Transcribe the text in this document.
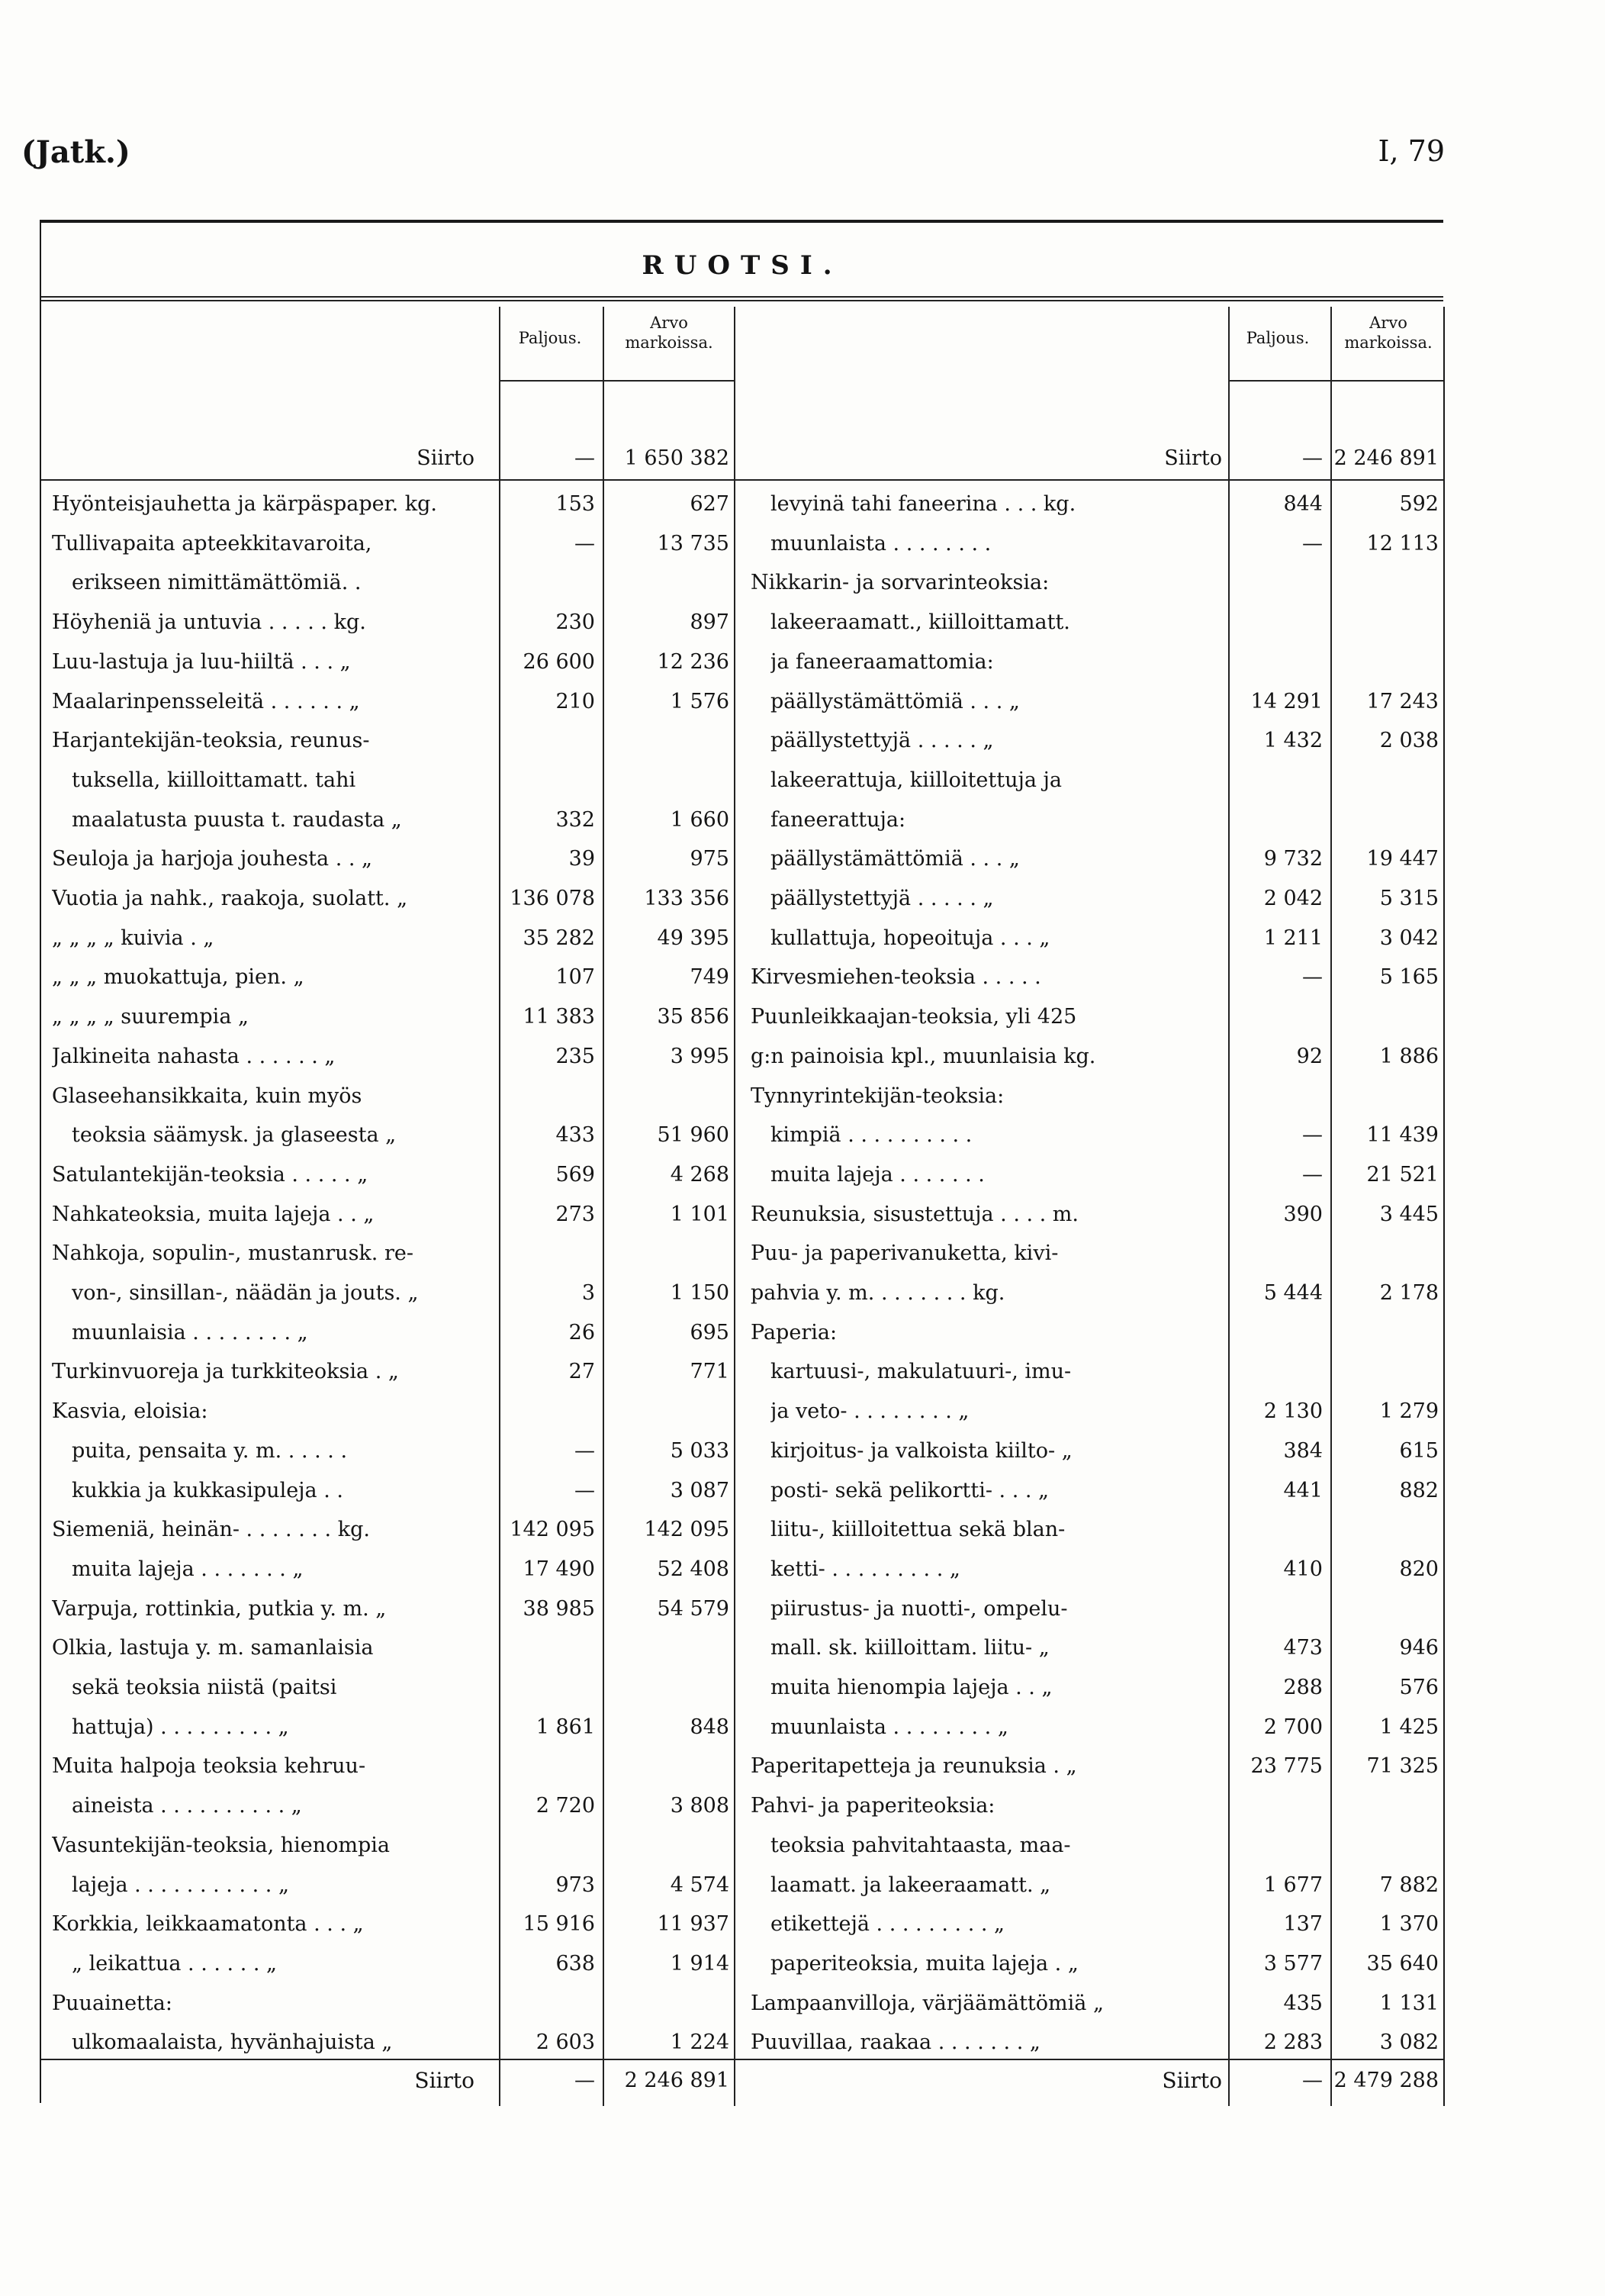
(Jatk.)	I, 79
RUOTSI.
Paljous.
Arvo markoissa.
Siirto	—	1 650 382
Hyönteisjauhetta ja kärpäspaper. kg.	153	627
Tullivapaita apteekkitavaroita,	—	13 735
erikseen nimittämättömiä. .
Höyheniä ja untuvia . . . . . kg.	230	897
Luu-lastuja ja luu-hiiltä . . . „	26 600	12 236
Maalarinpensseleitä . . . . . . „	210	1 576
Harjantekijän-teoksia, reunus-
tuksella, kiilloittamatt. tahi
maalatusta puusta t. raudasta „	332	1 660
Seuloja ja harjoja jouhesta . . „	39	975
Vuotia ja nahk., raakoja, suolatt. „	136 078	133 356
„ „ „ „ kuivia . „	35 282	49 395
„ „ „ muokattuja, pien. „	107	749
„ „ „ „ suurempia „	11 383	35 856
Jalkineita nahasta . . . . . . „	235	3 995
Glaseehansikkaita, kuin myös
teoksia säämysk. ja glaseesta „	433	51 960
Satulantekijän-teoksia . . . . . „	569	4 268
Nahkateoksia, muita lajeja . . „	273	1 101
Nahkoja, sopulin-, mustanrusk. re-
von-, sinsillan-, näädän ja jouts. „	3	1 150
muunlaisia . . . . . . . . „	26	695
Turkinvuoreja ja turkkiteoksia . „	27	771
Kasvia, eloisia:
puita, pensaita y. m. . . . . .	—	5 033
kukkia ja kukkasipuleja . .	—	3 087
Siemeniä, heinän- . . . . . . . kg.	142 095	142 095
muita lajeja . . . . . . . „	17 490	52 408
Varpuja, rottinkia, putkia y. m. „	38 985	54 579
Olkia, lastuja y. m. samanlaisia
sekä teoksia niistä (paitsi
hattuja) . . . . . . . . . „	1 861	848
Muita halpoja teoksia kehruu-
aineista . . . . . . . . . . „	2 720	3 808
Vasuntekijän-teoksia, hienompia
lajeja . . . . . . . . . . . „	973	4 574
Korkkia, leikkaamatonta . . . „	15 916	11 937
„ leikattua . . . . . . „	638	1 914
Puuainetta:
ulkomaalaista, hyvänhajuista „	2 603	1 224
Siirto	—	2 246 891
Paljous.
Arvo markoissa.
Siirto	— 2 246 891
levyinä tahi faneerina . . . kg.	844	592
muunlaista . . . . . . . .	—	12 113
Nikkarin- ja sorvarinteoksia:
lakeeraamatt., kiilloittamatt.
ja faneeraamattomia:
päällystämättömiä . . . „	14 291	17 243
päällystettyjä . . . . . „	1 432	2 038
lakeerattuja, kiilloitettuja ja
faneerattuja:
päällystämättömiä . . . „	9 732	19 447
päällystettyjä . . . . . „	2 042	5 315
kullattuja, hopeoituja . . . „	1 211	3 042
Kirvesmiehen-teoksia . . . . .	—	5 165
Puunleikkaajan-teoksia, yli 425
g:n painoisia kpl., muunlaisia kg.	92	1 886
Tynnyrintekijän-teoksia:
kimpiä . . . . . . . . . .	—	11 439
muita lajeja . . . . . . .	—	21 521
Reunuksia, sisustettuja . . . . m.	390	3 445
Puu- ja paperivanuketta, kivi-
pahvia y. m. . . . . . . . kg.	5 444	2 178
Paperia:
kartuusi-, makulatuuri-, imu-
ja veto- . . . . . . . . „	2 130	1 279
kirjoitus- ja valkoista kiilto- „	384	615
posti- sekä pelikortti- . . . „	441	882
liitu-, kiilloitettua sekä blan-
ketti- . . . . . . . . . „	410	820
piirustus- ja nuotti-, ompelu-
mall. sk. kiilloittam. liitu- „	473	946
muita hienompia lajeja . . „	288	576
muunlaista . . . . . . . . „	2 700	1 425
Paperitapetteja ja reunuksia . „	23 775	71 325
Pahvi- ja paperiteoksia:
teoksia pahvitahtaasta, maa-
laamatt. ja lakeeraamatt. „	1 677	7 882
etikettejä . . . . . . . . . „	137	1 370
paperiteoksia, muita lajeja . „	3 577	35 640
Lampaanvilloja, värjäämättömiä „	435	1 131
Puuvillaa, raakaa . . . . . . . „	2 283	3 082
Siirto	— 2 479 288
